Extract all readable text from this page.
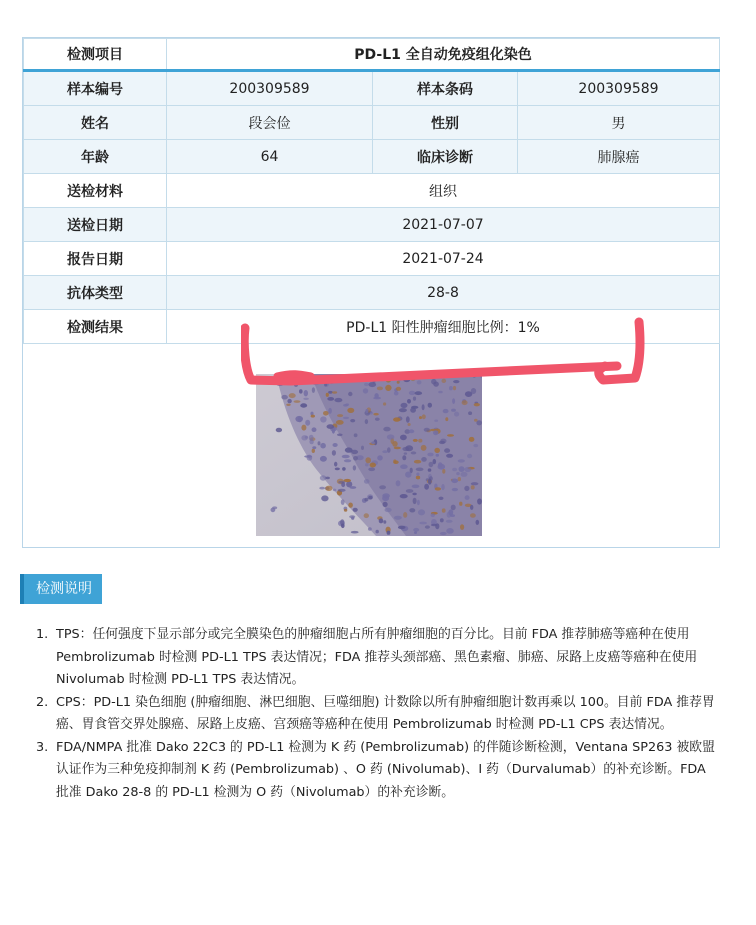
检测项目	PD-L1 全自动免疫组化染色		
样本编号	200309589	样本条码	200309589
姓名	段会俭	性别	男
年龄	64	临床诊断	肺腺癌
送检材料	组织		
送检日期	2021-07-07		
报告日期	2021-07-24		
抗体类型	28-8		
检测结果	PD-L1 阳性肿瘤细胞比例：1%		
检测说明
1. TPS：任何强度下显示部分或完全膜染色的肿瘤细胞占所有肿瘤细胞的百分比。目前 FDA 推荐肺癌等癌种在使用 Pembrolizumab 时检测 PD-L1 TPS 表达情况；FDA 推荐头颈部癌、黑色素瘤、肺癌、尿路上皮癌等癌种在使用 Nivolumab 时检测 PD-L1 TPS 表达情况。
2. CPS：PD-L1 染色细胞 (肿瘤细胞、淋巴细胞、巨噬细胞) 计数除以所有肿瘤细胞计数再乘以 100。目前 FDA 推荐胃癌、胃食管交界处腺癌、尿路上皮癌、宫颈癌等癌种在使用 Pembrolizumab 时检测 PD-L1 CPS 表达情况。
3. FDA/NMPA 批准 Dako 22C3 的 PD-L1 检测为 K 药 (Pembrolizumab) 的伴随诊断检测，Ventana SP263 被欧盟认证作为三种免疫抑制剂 K 药 (Pembrolizumab) 、O 药 (Nivolumab)、I 药（Durvalumab）的补充诊断。FDA 批准 Dako 28-8 的 PD-L1 检测为 O 药（Nivolumab）的补充诊断。
